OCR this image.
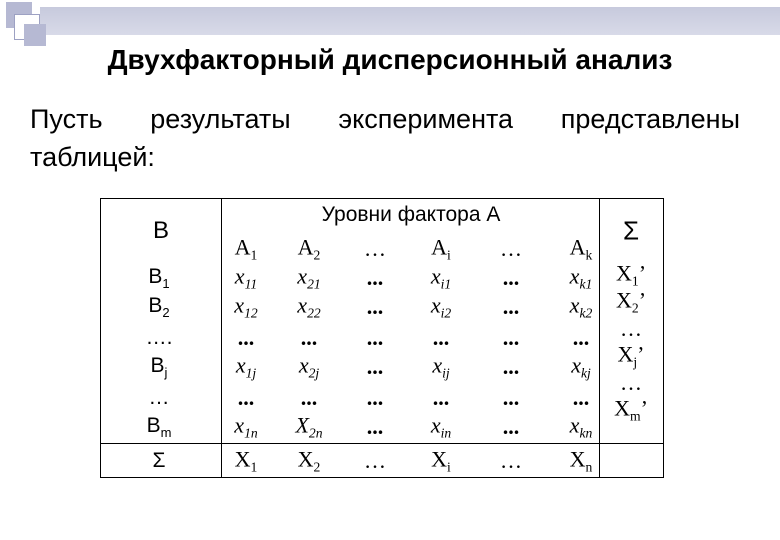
Двухфакторный дисперсионный анализ
Пусть результаты эксперимента представлены
таблицей:
B
Уровни фактора А
Σ
$A_1$ $A_2$ … $A_i$ … $A_k$
$B_1$
$B_2$
….
$B_j$
…
$B_m$
Σ
$x_{11}$ $x_{21}$ ... $x_{i1}$ ... $x_{k1}$
$x_{12}$ $x_{22}$ ... $x_{i2}$ ... $x_{k2}$
... ... ... ... ... ...
$x_{1j}$ $x_{2j}$ ... $x_{ij}$ ... $x_{kj}$
... ... ... ... ... ...
$x_{1n}$ $X_{2n}$ ... $x_{in}$ ... $x_{kn}$
$X_1$ $X_2$ … $X_i$ … $X_n$
$X_1$’
$X_2$’
…
$X_j$’
…
$X_m$’
